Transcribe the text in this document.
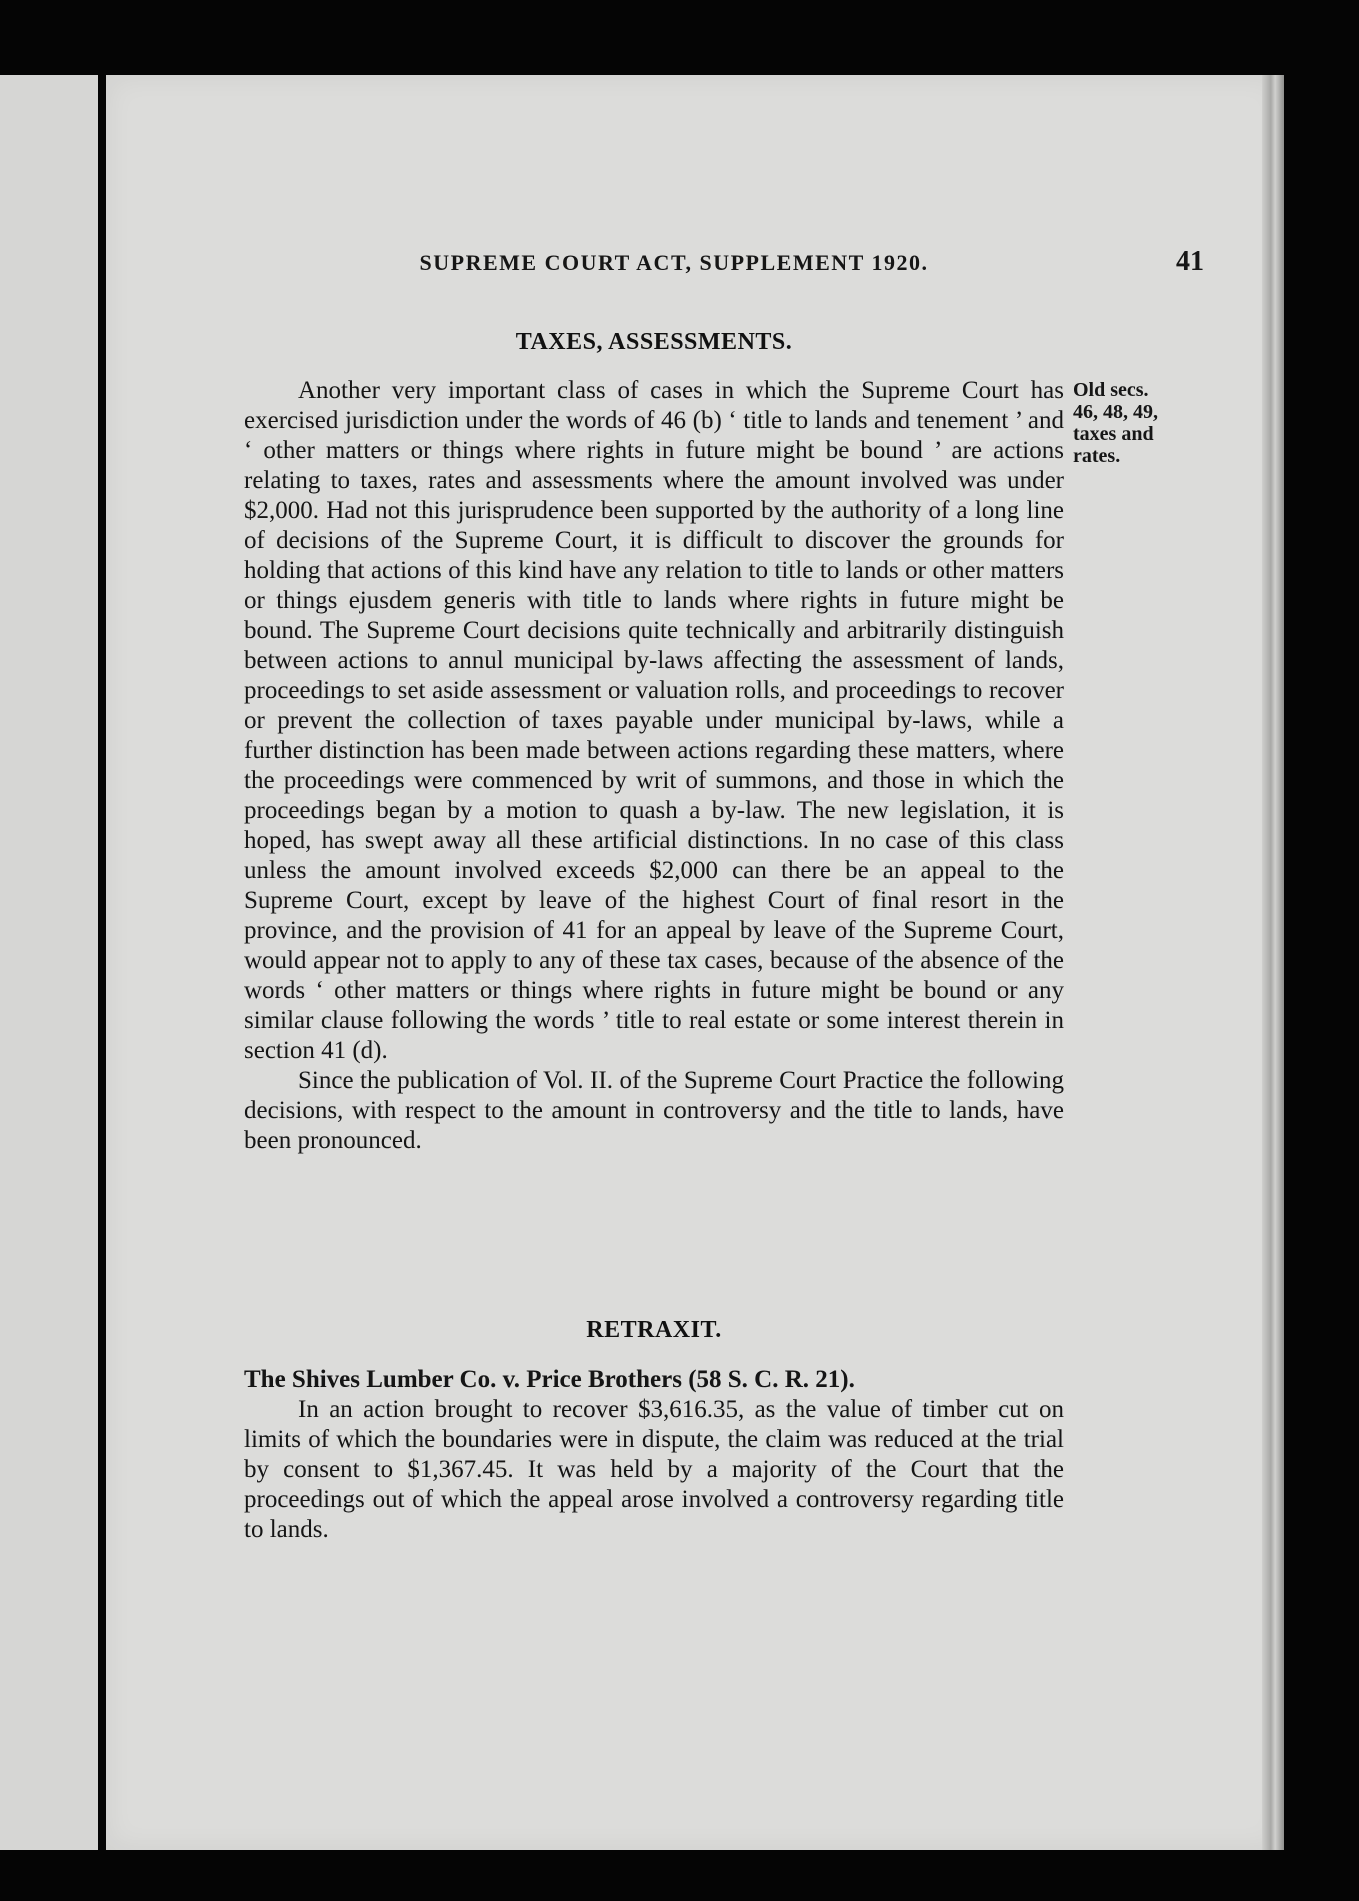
SUPREME COURT ACT, SUPPLEMENT 1920.	41
TAXES, ASSESSMENTS.
Old secs.
46, 48, 49,
taxes and
rates.

Another very important class of cases in which the Supreme Court has exercised jurisdiction under the words of 46 (b) ‘ title to lands and tenement ’ and ‘ other matters or things where rights in future might be bound ’ are actions relating to taxes, rates and assessments where the amount involved was under $2,000. Had not this jurisprudence been supported by the authority of a long line of decisions of the Supreme Court, it is difficult to discover the grounds for holding that actions of this kind have any relation to title to lands or other matters or things ejusdem generis with title to lands where rights in future might be bound. The Supreme Court decisions quite technically and arbitrarily distinguish between actions to annul municipal by-laws affecting the assessment of lands, proceedings to set aside assessment or valuation rolls, and proceedings to recover or prevent the collection of taxes payable under municipal by-laws, while a further distinction has been made between actions regarding these matters, where the proceedings were commenced by writ of summons, and those in which the proceedings began by a motion to quash a by-law. The new legislation, it is hoped, has swept away all these artificial distinctions. In no case of this class unless the amount involved exceeds $2,000 can there be an appeal to the Supreme Court, except by leave of the highest Court of final resort in the province, and the provision of 41 for an appeal by leave of the Supreme Court, would appear not to apply to any of these tax cases, because of the absence of the words ‘ other matters or things where rights in future might be bound or any similar clause following the words ’ title to real estate or some interest therein in section 41 (d).

Since the publication of Vol. II. of the Supreme Court Practice the following decisions, with respect to the amount in controversy and the title to lands, have been pronounced.

RETRAXIT.

The Shives Lumber Co. v. Price Brothers (58 S. C. R. 21).

In an action brought to recover $3,616.35, as the value of timber cut on limits of which the boundaries were in dispute, the claim was reduced at the trial by consent to $1,367.45. It was held by a majority of the Court that the proceedings out of which the appeal arose involved a controversy regarding title to lands.
